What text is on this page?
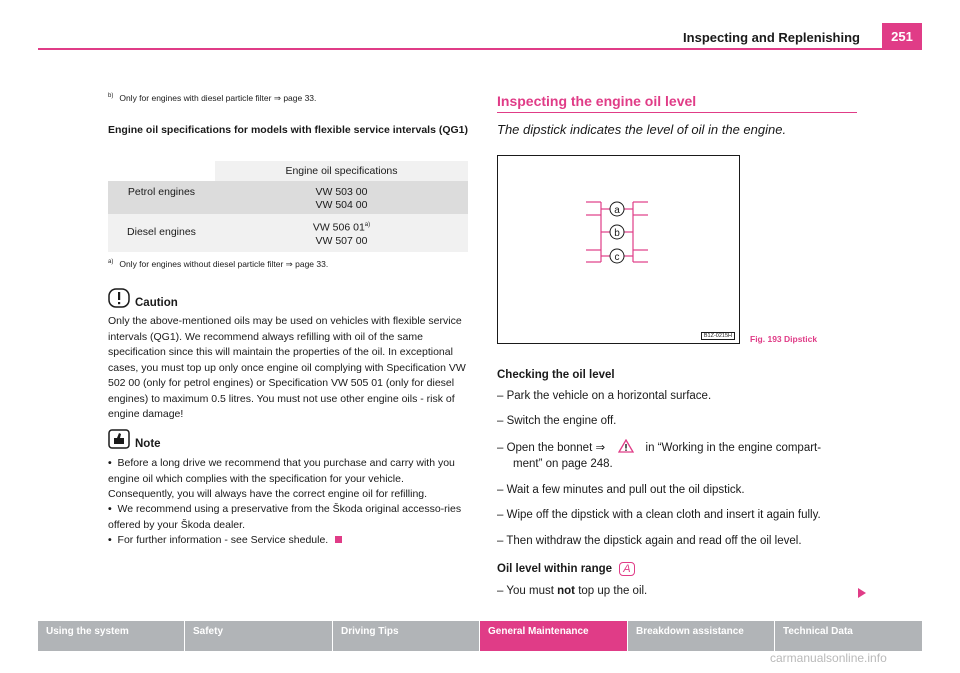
Inspecting and Replenishing	251
$^{b)}$ Only for engines with diesel particle filter ⇒ page 33.
Engine oil specifications for models with flexible service intervals (QG1)
	Engine oil specifications
Petrol engines	VW 503 00
VW 504 00

Diesel engines	VW 506 01$^{a)}$
VW 507 00
$^{a)}$ Only for engines without diesel particle filter ⇒ page 33.
Caution
Only the above-mentioned oils may be used on vehicles with flexible service intervals (QG1). We recommend always refilling with oil of the same specification since this will maintain the properties of the oil. In exceptional cases, you must top up only once engine oil complying with Specification VW 502 00 (only for petrol engines) or Specification VW 505 01 (only for diesel engines) to maximum 0.5 litres. You must not use other engine oils - risk of engine damage!
Note
• Before a long drive we recommend that you purchase and carry with you engine oil which complies with the specification for your vehicle. Consequently, you will always have the correct engine oil for refilling.
• We recommend using a preservative from the Škoda original accesso-ries offered by your Škoda dealer.
• For further information - see Service shedule.
Inspecting the engine oil level
The dipstick indicates the level of oil in the engine.
a
b
c
B1Z-0215H	Fig. 193 Dipstick
Checking the oil level
– Park the vehicle on a horizontal surface.
– Switch the engine off.
– Open the bonnet ⇒	in “Working in the engine compart-
ment” on page 248.
– Wait a few minutes and pull out the oil dipstick.
– Wipe off the dipstick with a clean cloth and insert it again fully.
– Then withdraw the dipstick again and read off the oil level.
Oil level within range A
– You must not top up the oil.
Using the system	Safety	Driving Tips	General Maintenance	Breakdown assistance	Technical Data
carmanualsonline.info
